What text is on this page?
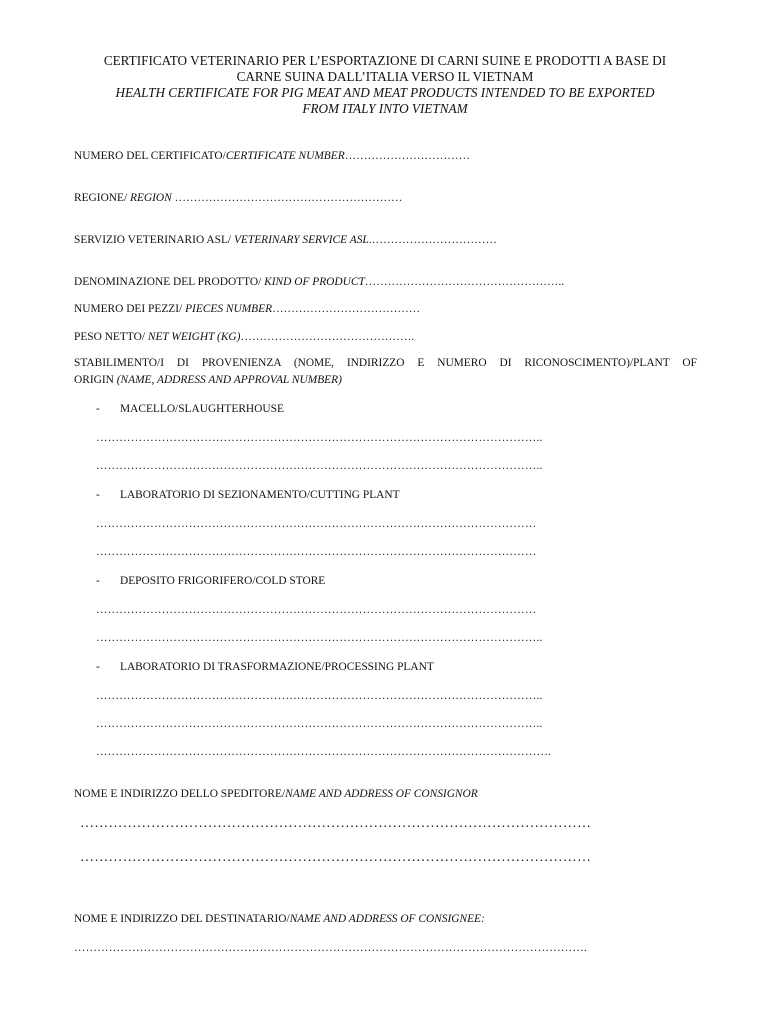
CERTIFICATO VETERINARIO PER L’ESPORTAZIONE DI CARNI SUINE E PRODOTTI A BASE DI
CARNE SUINA DALL’ITALIA VERSO IL VIETNAM
HEALTH CERTIFICATE FOR PIG MEAT AND MEAT PRODUCTS INTENDED TO BE EXPORTED
FROM ITALY INTO VIETNAM
NUMERO DEL CERTIFICATO/CERTIFICATE NUMBER……………………………
REGIONE/ REGION ……………………………………………………
SERVIZIO VETERINARIO ASL/ VETERINARY SERVICE ASL.……………………………
DENOMINAZIONE DEL PRODOTTO/ KIND OF PRODUCT……………………………………………..
NUMERO DEI PEZZI/ PIECES NUMBER…………………………………
PESO NETTO/ NET WEIGHT (KG)……………………………………….
STABILIMENTO/I DI PROVENIENZA (NOME, INDIRIZZO E NUMERO DI RICONOSCIMENTO)/PLANT OF
ORIGIN (NAME, ADDRESS AND APPROVAL NUMBER)
- MACELLO/SLAUGHTERHOUSE
……………………………………………………………………………………………………..
……………………………………………………………………………………………………..
- LABORATORIO DI SEZIONAMENTO/CUTTING PLANT
……………………………………………………………………………………………………
……………………………………………………………………………………………………
- DEPOSITO FRIGORIFERO/COLD STORE
……………………………………………………………………………………………………
……………………………………………………………………………………………………..
- LABORATORIO DI TRASFORMAZIONE/PROCESSING PLANT
……………………………………………………………………………………………………..
……………………………………………………………………………………………………..
……………………………………………………………………………………………………….
NOME E INDIRIZZO DELLO SPEDITORE/NAME AND ADDRESS OF CONSIGNOR
………………………………………………………………………………………………
………………………………………………………………………………………………
NOME E INDIRIZZO DEL DESTINATARIO/NAME AND ADDRESS OF CONSIGNEE:
…………………………………………………………………………………………………………………….
